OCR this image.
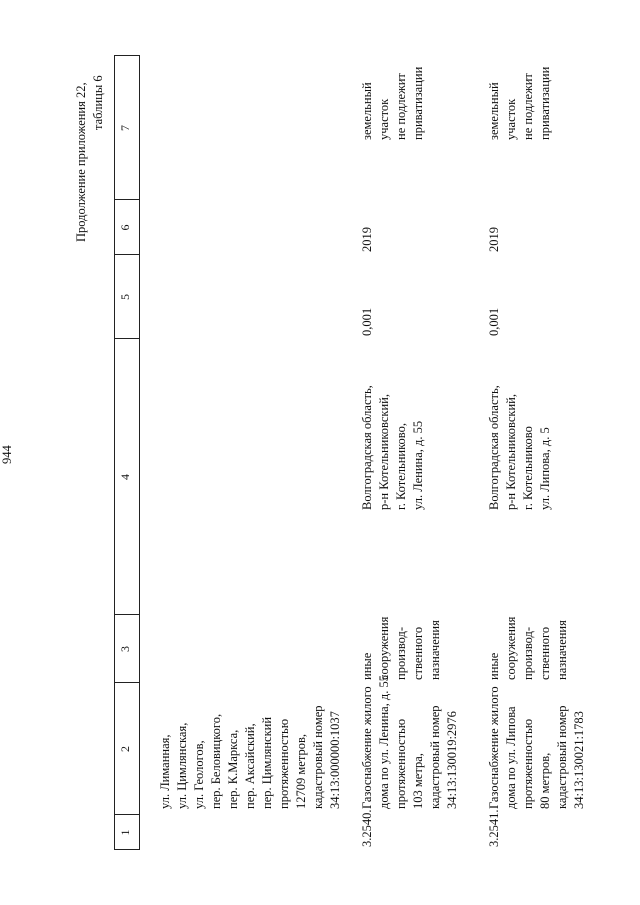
Продолжение приложения 22, таблицы 6
944
1
2
3
4
5
6
7
ул. Лиманная, ул. Цимлянская, ул. Геологов, пер. Беловицкого, пер. К.Маркса, пер. Аксайский, пер. Цимлянский протяженностью 12709 метров, кадастровый номер 34:13:000000:1037
3.2540.
Газоснабжение жилого дома по ул. Ленина, д. 55 протяженностью 103 метра, кадастровый номер 34:13:130019:2976
иные сооружения производ- ственного назначения
Волгоградская область, р-н Котельниковский, г. Котельниково, ул. Ленина, д. 55
0,001
2019
земельный участок не подлежит приватизации
3.2541.
Газоснабжение жилого дома по ул. Липова протяженностью 80 метров, кадастровый номер 34:13:130021:1783
иные сооружения производ- ственного назначения
Волгоградская область, р-н Котельниковский, г. Котельниково ул. Липова, д. 5
0,001
2019
земельный участок не подлежит приватизации
